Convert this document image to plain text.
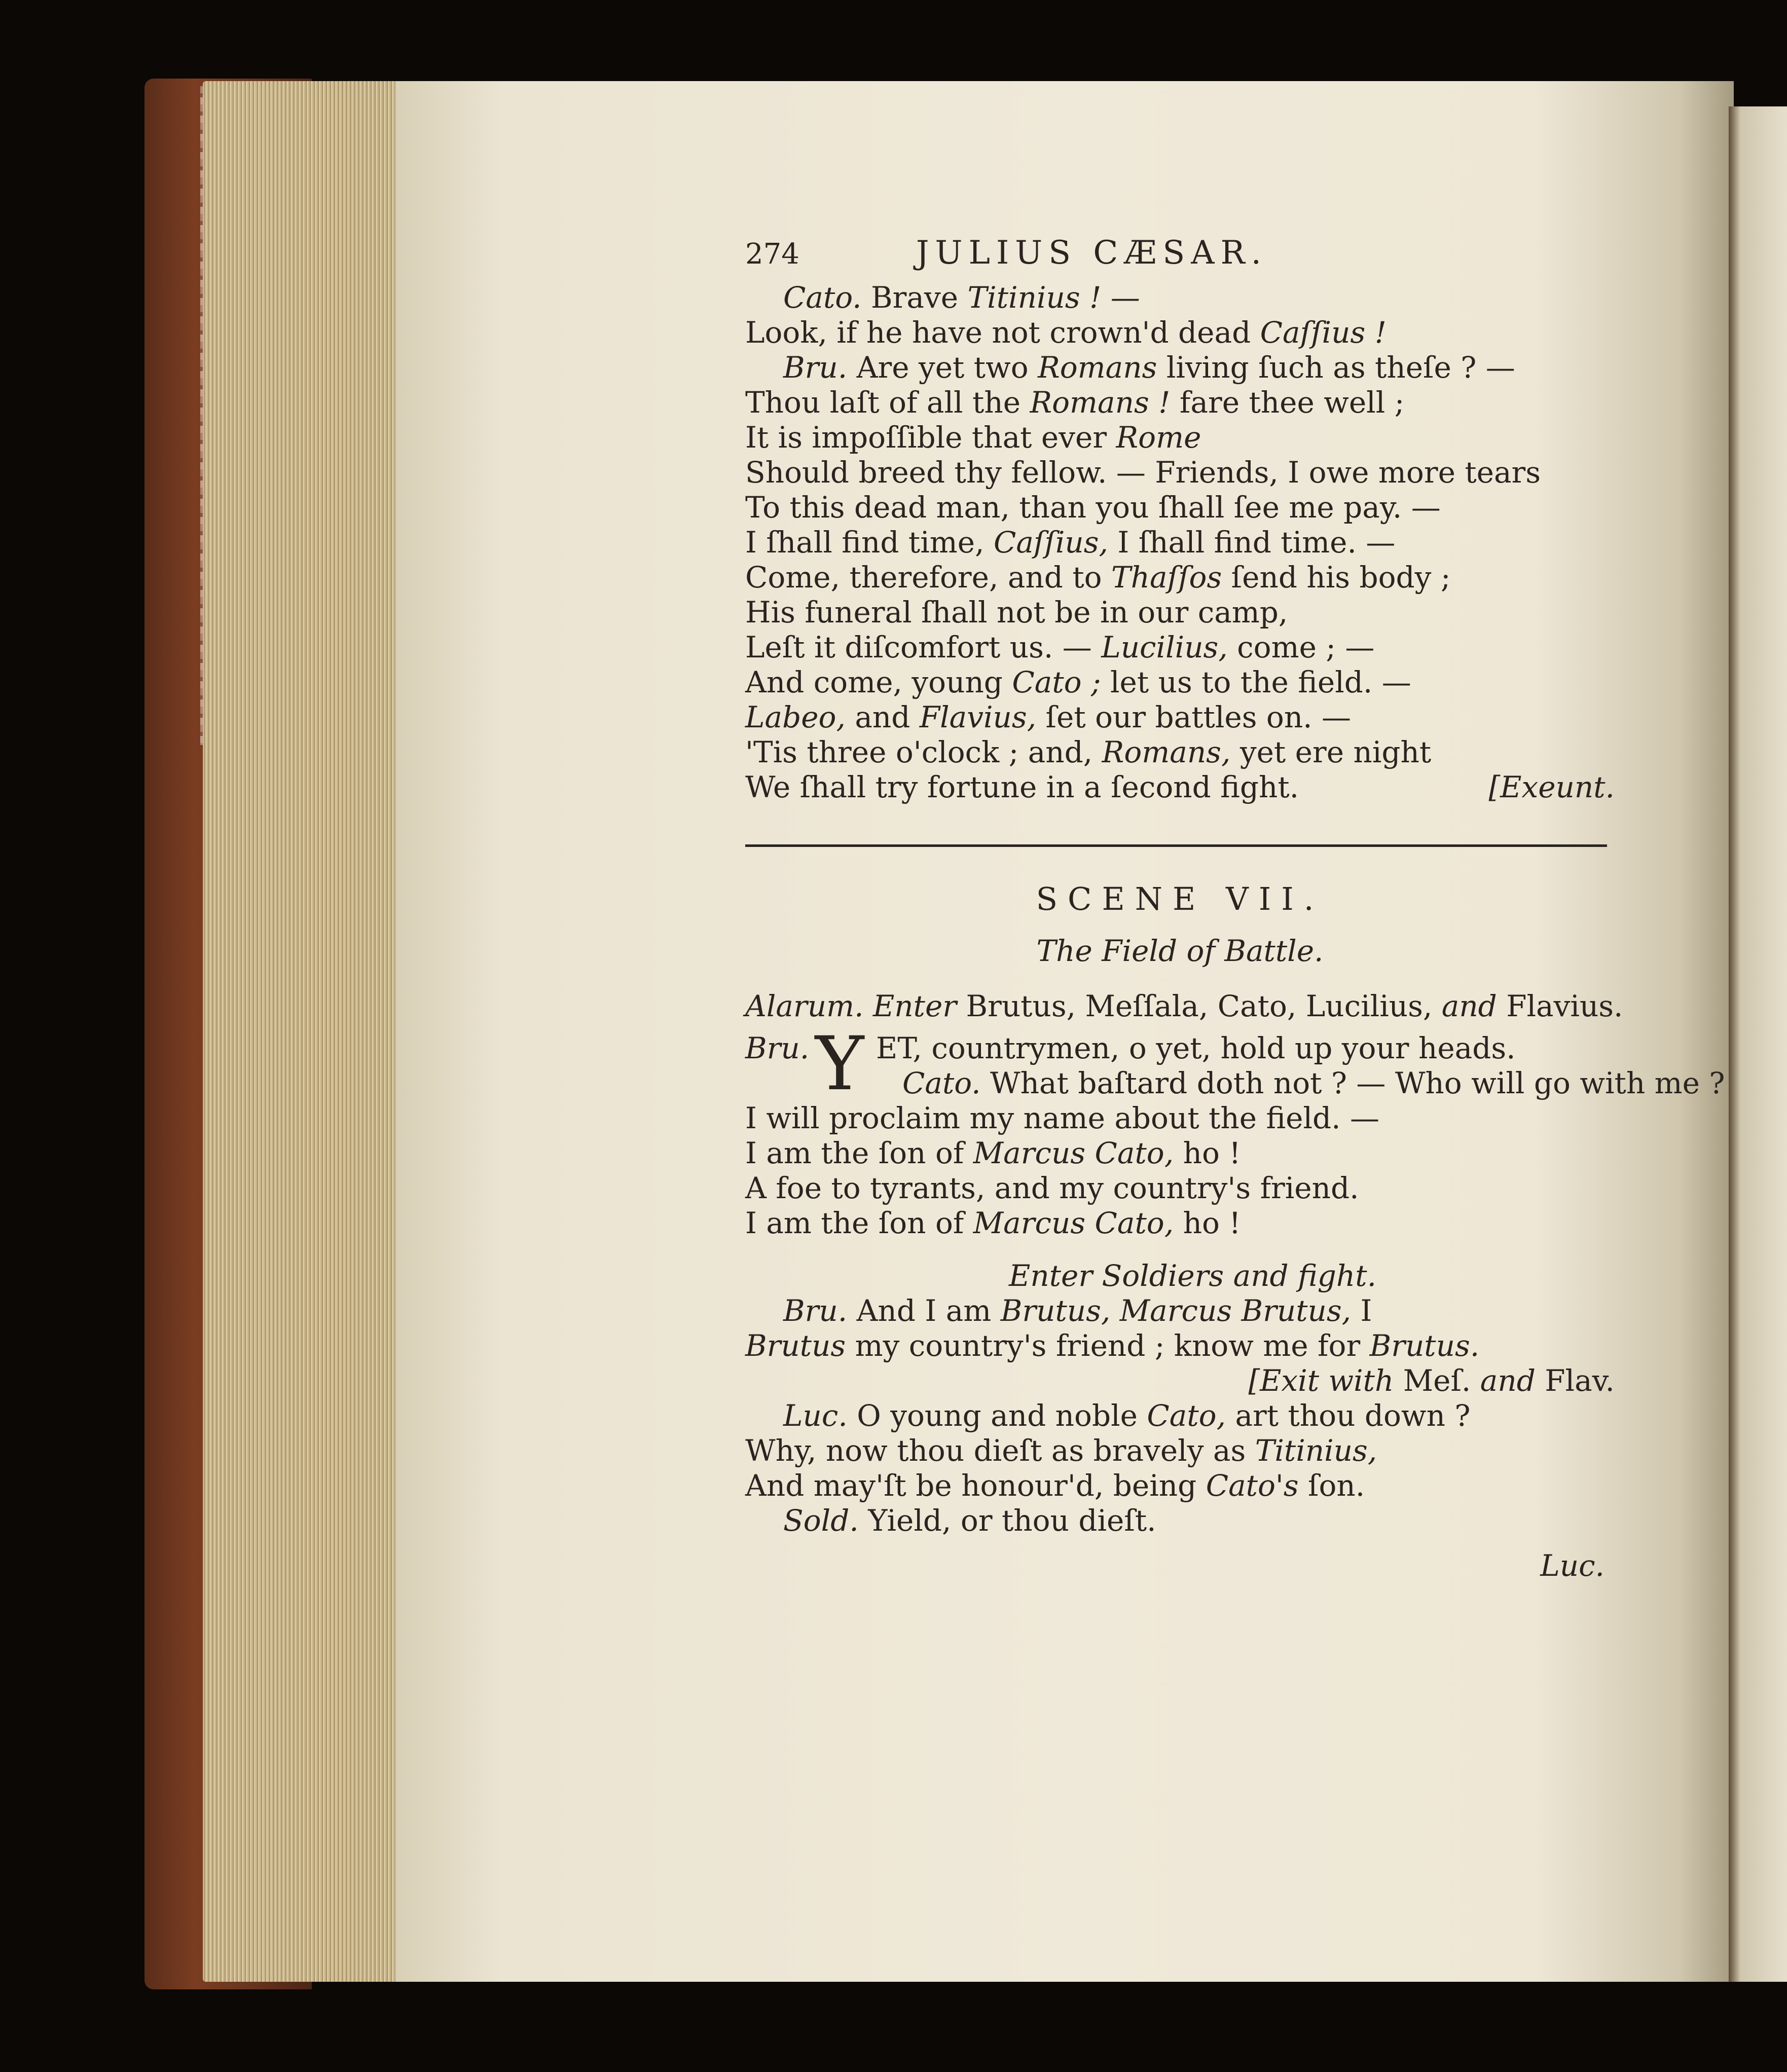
274	JULIUS CÆSAR.
Cato. Brave Titinius ! —
Look, if he have not crown'd dead Caſſius !
Bru. Are yet two Romans living ſuch as theſe ? —
Thou laſt of all the Romans ! fare thee well ;
It is impoſſible that ever Rome
Should breed thy fellow. — Friends, I owe more tears
To this dead man, than you ſhall ſee me pay. —
I ſhall find time, Caſſius, I ſhall find time. —
Come, therefore, and to Thaſſos ſend his body ;
His funeral ſhall not be in our camp,
Leſt it diſcomfort us. — Lucilius, come ; —
And come, young Cato ; let us to the field. —
Labeo, and Flavius, ſet our battles on. —
'Tis three o'clock ; and, Romans, yet ere night
We ſhall try fortune in a ſecond fight.	[Exeunt.
SCENE VII.
The Field of Battle.
Alarum. Enter Brutus, Meſſala, Cato, Lucilius, and Flavius.
Bru. Y ET, countrymen, o yet, hold up your heads.
Cato. What baſtard doth not ? — Who will go with me ?
I will proclaim my name about the field. —
I am the ſon of Marcus Cato, ho !
A foe to tyrants, and my country's friend.
I am the ſon of Marcus Cato, ho !
Enter Soldiers and fight.
Bru. And I am Brutus, Marcus Brutus, I
Brutus my country's friend ; know me for Brutus.
[Exit with Meſ. and Flav.
Luc. O young and noble Cato, art thou down ?
Why, now thou dieſt as bravely as Titinius,
And may'ſt be honour'd, being Cato's ſon.
Sold. Yield, or thou dieſt.
Luc.
